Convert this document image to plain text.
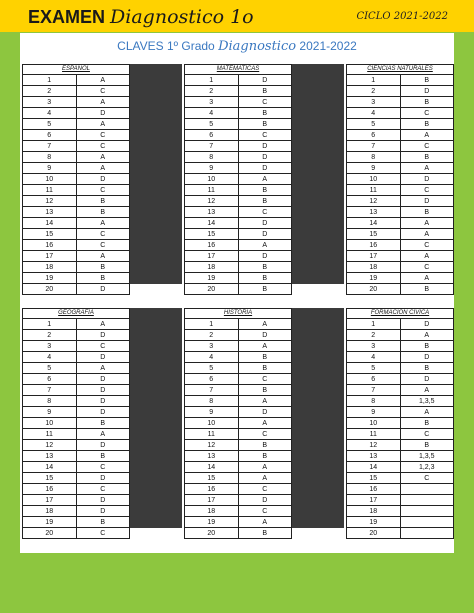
EXAMEN Diagnostico 1o	CICLO 2021-2022
CLAVES 1º Grado Diagnostico 2021-2022
ESPAÑOL
1	A
2	C
3	A
4	D
5	A
6	C
7	C
8	A
9	A
10	D
11	C
12	B
13	B
14	A
15	C
16	C
17	A
18	B
19	B
20	D
MATEMATICAS
1	D
2	B
3	C
4	B
5	B
6	C
7	D
8	D
9	D
10	A
11	B
12	B
13	C
14	D
15	D
16	A
17	D
18	B
19	B
20	B
CIENCIAS NATURALES
1	B
2	D
3	B
4	C
5	B
6	A
7	C
8	B
9	A
10	D
11	C
12	D
13	B
14	A
15	A
16	C
17	A
18	C
19	A
20	B
GEOGRAFIA
1	A
2	D
3	C
4	D
5	A
6	D
7	D
8	D
9	D
10	B
11	A
12	D
13	B
14	C
15	D
16	C
17	D
18	D
19	B
20	C
HISTORIA
1	A
2	D
3	A
4	B
5	B
6	C
7	B
8	A
9	D
10	A
11	C
12	B
13	B
14	A
15	A
16	C
17	D
18	C
19	A
20	B
FORMACION CIVICA
1	D
2	A
3	B
4	D
5	B
6	D
7	A
8	1,3,5
9	A
10	B
11	C
12	B
13	1,3,5
14	1,2,3
15	C
16	
17	
18	
19	
20	
